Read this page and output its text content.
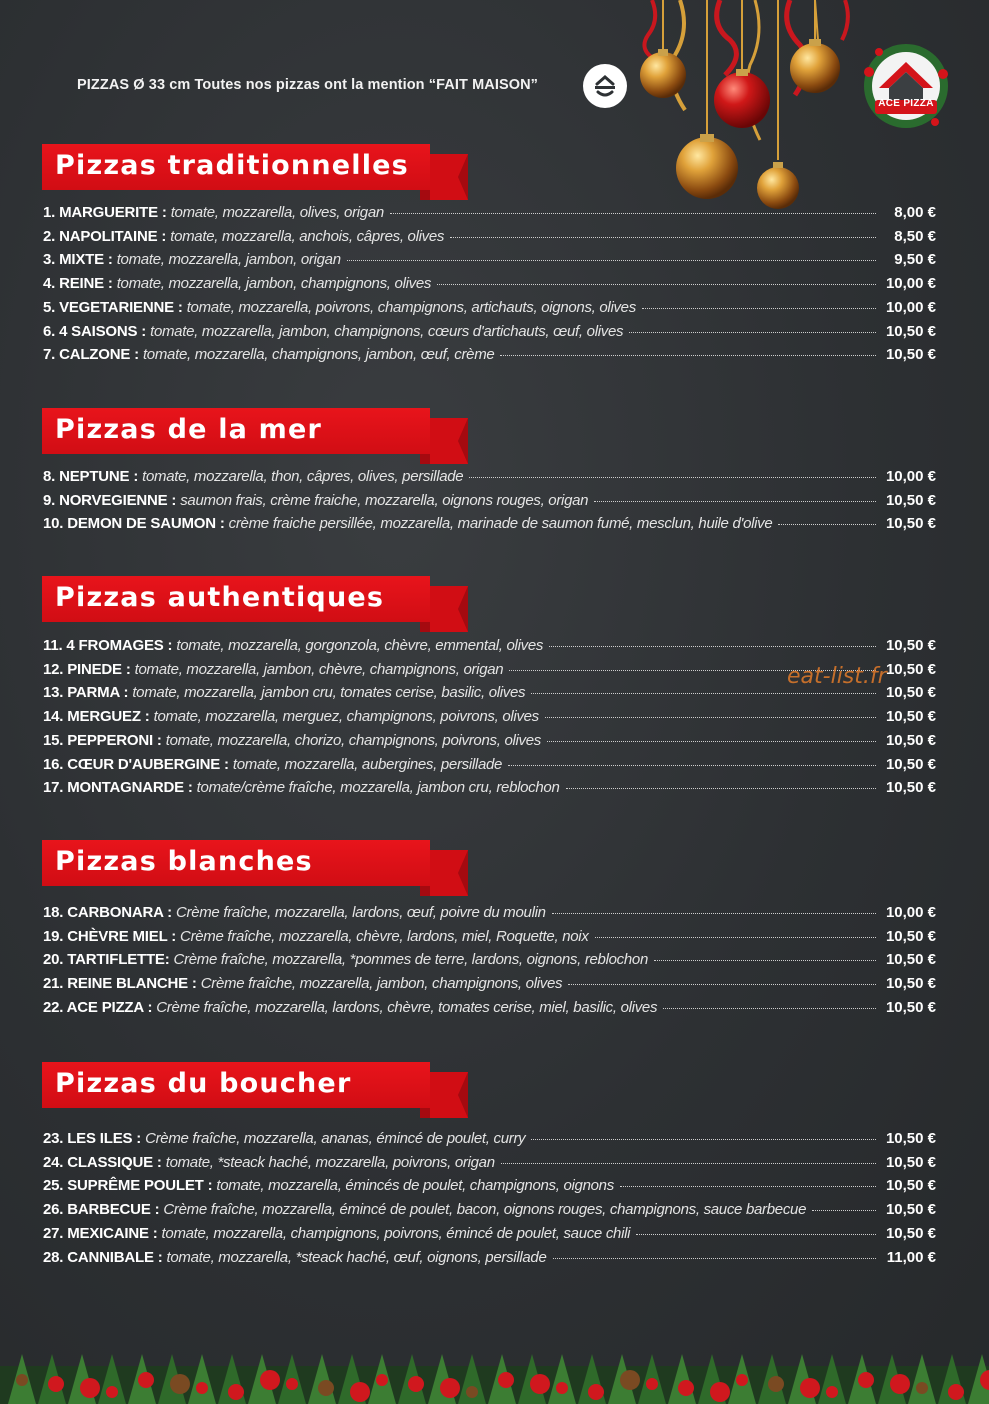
PIZZAS Ø 33 cm Toutes nos pizzas ont la mention “FAIT MAISON”
ACE PIZZA
Pizzas traditionnelles
1. MARGUERITE : tomate, mozzarella, olives, origan	8,00 €
2. NAPOLITAINE : tomate, mozzarella, anchois, câpres, olives	8,50 €
3. MIXTE : tomate, mozzarella, jambon, origan	9,50 €
4. REINE : tomate, mozzarella, jambon, champignons, olives	10,00 €
5. VEGETARIENNE : tomate, mozzarella, poivrons, champignons, artichauts, oignons, olives	10,00 €
6. 4 SAISONS : tomate, mozzarella, jambon, champignons, cœurs d'artichauts, œuf, olives	10,50 €
7. CALZONE : tomate, mozzarella, champignons, jambon, œuf, crème	10,50 €
Pizzas de la mer
8. NEPTUNE : tomate, mozzarella, thon, câpres, olives, persillade	10,00 €
9. NORVEGIENNE : saumon frais, crème fraiche, mozzarella, oignons rouges, origan	10,50 €
10. DEMON DE SAUMON : crème fraiche persillée, mozzarella, marinade de saumon fumé, mesclun, huile d'olive	10,50 €
Pizzas authentiques
11. 4 FROMAGES : tomate, mozzarella, gorgonzola, chèvre, emmental, olives	10,50 €
12. PINEDE : tomate, mozzarella, jambon, chèvre, champignons, origan	10,50 €
13. PARMA : tomate, mozzarella, jambon cru, tomates cerise, basilic, olives	10,50 €
14. MERGUEZ : tomate, mozzarella, merguez, champignons, poivrons, olives	10,50 €
15. PEPPERONI : tomate, mozzarella, chorizo, champignons, poivrons, olives	10,50 €
16. CŒUR D'AUBERGINE : tomate, mozzarella, aubergines, persillade	10,50 €
17. MONTAGNARDE : tomate/crème fraîche, mozzarella, jambon cru, reblochon	10,50 €
Pizzas blanches
18. CARBONARA : Crème fraîche, mozzarella, lardons, œuf, poivre du moulin	10,00 €
19. CHÈVRE MIEL : Crème fraîche, mozzarella, chèvre, lardons, miel, Roquette, noix	10,50 €
20. TARTIFLETTE: Crème fraîche, mozzarella, *pommes de terre, lardons, oignons, reblochon	10,50 €
21. REINE BLANCHE : Crème fraîche, mozzarella, jambon, champignons, olives	10,50 €
22. ACE PIZZA : Crème fraîche, mozzarella, lardons, chèvre, tomates cerise, miel, basilic, olives	10,50 €
Pizzas du boucher
23. LES ILES : Crème fraîche, mozzarella, ananas, émincé de poulet, curry	10,50 €
24. CLASSIQUE : tomate, *steack haché, mozzarella, poivrons, origan	10,50 €
25. SUPRÊME POULET : tomate, mozzarella, émincés de poulet, champignons, oignons	10,50 €
26. BARBECUE : Crème fraîche, mozzarella, émincé de poulet, bacon, oignons rouges, champignons, sauce barbecue	10,50 €
27. MEXICAINE : tomate, mozzarella, champignons, poivrons, émincé de poulet, sauce chili	10,50 €
28. CANNIBALE : tomate, mozzarella, *steack haché, œuf, oignons, persillade	11,00 €
eat-list.fr
